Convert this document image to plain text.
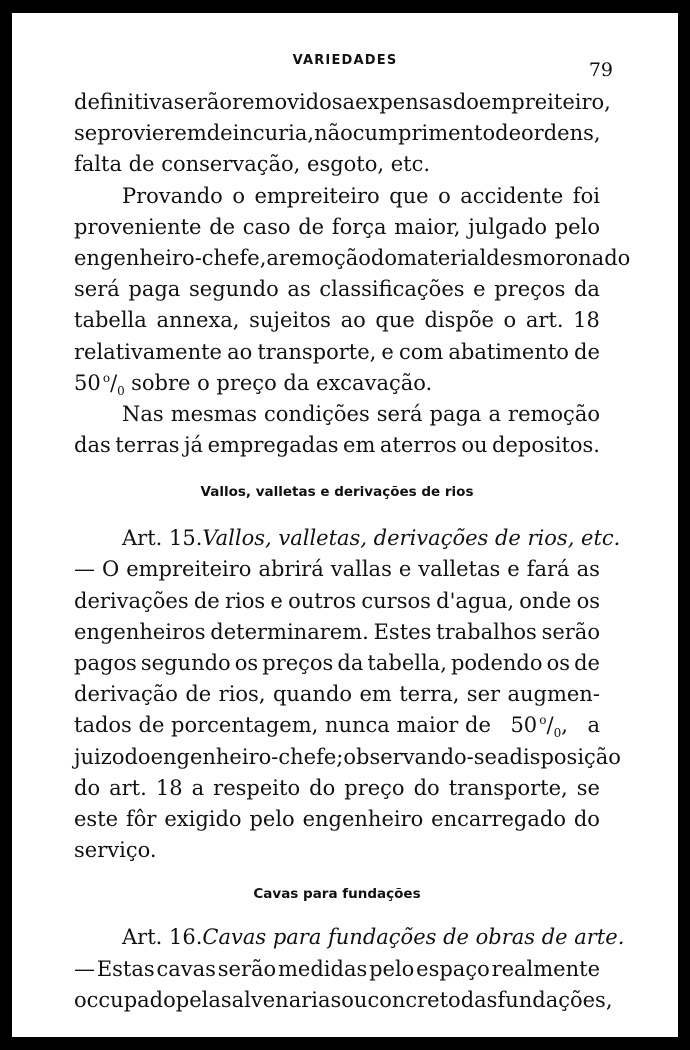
VARIEDADES	79
definitiva serão removidos a expensas do empreiteiro,
se provierem de incuria, não cumprimento de ordens,
falta de conservação, esgoto, etc.
Provando o empreiteiro que o accidente foi
proveniente de caso de força maior, julgado pelo
engenheiro-chefe, a remoção do material desmoronado
será paga segundo as classificações e preços da
tabella annexa, sujeitos ao que dispõe o art. 18
relativamente ao transporte, e com abatimento de
50  $^o/_0$ sobre o preço da excavação.
Nas mesmas condições será paga a remoção
das terras já empregadas em aterros ou depositos.
Vallos, valletas e derivações de rios
Art. 15. Vallos, valletas, derivações de rios, etc.
— O empreiteiro abrirá vallas e valletas e fará as
derivações de rios e outros cursos d'agua, onde os
engenheiros determinarem. Estes trabalhos serão
pagos segundo os preços da tabella, podendo os de
derivação de rios, quando em terra, ser augmen-
tados de porcentagem, nunca maior de 50  $^o/_0$, a
juizo do engenheiro-chefe; observando-se a disposição
do art. 18 a respeito do preço do transporte, se
este fôr exigido pelo engenheiro encarregado do
serviço.
Cavas para fundações
Art. 16. Cavas para fundações de obras de arte.
— Estas cavas serão medidas pelo espaço realmente
occupado pelas alvenarias ou concreto das fundações,
